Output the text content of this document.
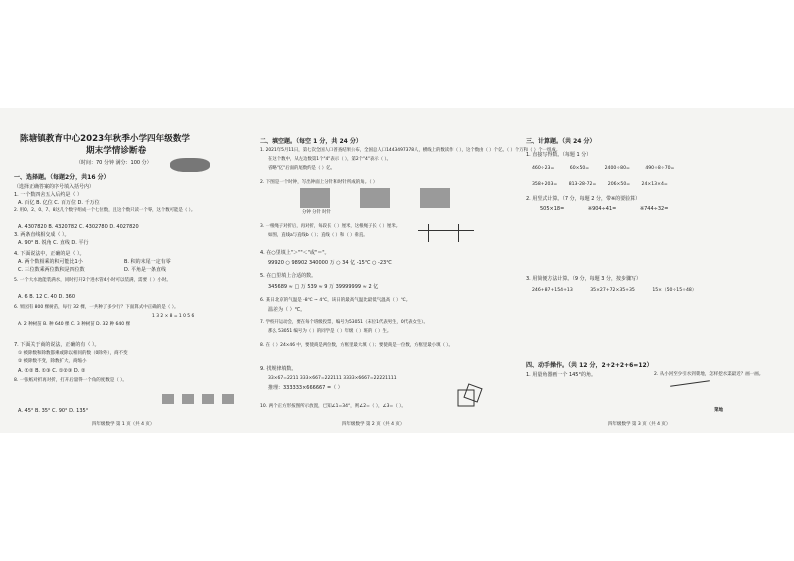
陈塘镇教育中心2023年秋季小学四年级数学
期末学情诊断卷
（时间：70 分钟 满分：100 分）
一、选择题。（每题2分，共16 分）
（选择正确答案的序号填入括号内）
1. 一个数四舍五入后约是（ ）
A. 百亿 B. 亿位 C. 百万位 D. 千万位
2. 用0、2、0、7、8这几个数字组成一个七位数，且这个数只读一个零，这个数可能是（ ）。
A. 4307820 B. 4320782 C. 4302780 D. 4027820
3. 两条直线相交成（ ）。
A. 90° B. 锐角 C. 直线 D. 平行
4. 下面说法中，正确的是（ ）。
A. 两个数相乘的积可能比1小	B. 积的末尾一定有零
C. 三位数乘两位数积是四位数	D. 平角是一条直线
5. 一个大水池能装满水，同时打开2个进水管4小时可以装满，需要（ ）小时。
A. 6 B. 12 C. 40 D. 360
6. 果园有 800 棵树苗，每行 32 棵，一共种了多少行？下面算式中正确的是（ ）。
1 3 2 × 8 = 1 0 5 6
A. 2 种树苗 B. 种 640 棵 C. 3 种树苗 D. 32 种 640 棵
7. 下面关于商的说法，正确的有（ ）。
① 被除数和除数都乘或除以相同的数（0除外），商不变
② 被除数不变，除数扩大，商缩小
A. ①② B. ①③ C. ①②③ D. ②
8. 一张纸对折再对折，打开后量得一个角的度数是（ ）。
A. 45° B. 35° C. 90° D. 135°
四年级数学 第 1 页（共 4 页）
二、填空题。（每空 1 分，共 24 分）
1. 2021年5月11日，第七次全国人口普查结果公布，全国总人口1443497378人，横线上的数读作（ ），这个数由（ ）个亿、（ ）个万和（ ）个一组成。
在这个数中，从左边数第1个"4"表示（ ），第2个"4"表示（ ）。
省略"亿"后面的尾数约是（ ）亿。
2. 下图是一个时钟，写出钟面上分针和时针所成的角。（ ）
分钟 分针 时针
3. 一根绳子对折后，再对折，每段长（ ）厘米，这根绳子长（ ）厘米。
如图，直线a与直线b（ ）；直线（ ）和（ ）垂直。
4. 在○里填上"＞""＜"或"＝"。
99920 ○ 98902 340000 万 ○ 34 亿 -15℃ ○ -23℃
5. 在□里填上合适的数。
345689 ≈ □ 万 539 ≈ 9 万 39999999 ≈ 2 亿
6. 某日北京的气温是 -8℃ ~ 4℃，该日的最高气温比最低气温高（ ）℃。
温差为（ ）℃。
7. 学校开运动会，要在每个班级投票，编号为53051（末位1代表男生，0代表女生）。
那么 53051 编号为（ ）的同学是（ ）年级（ ）班的（ ）生。
8. 在（ ）24×46 中，要使商是两位数，方框里最大填（ ）；要使商是一位数，方框里最小填（ ）。
9. 找规律填数。
33×67=2211 333×667=222111 3333×6667=22221111
推理：333333×666667 =（ ）
10. 两个正方形按图所示放置，已知∠1=34°，则∠2=（ ），∠3=（ ）。
四年级数学 第 2 页（共 4 页）
三、计算题。（共 24 分）
1. 直接写得数。（每题 1 分）
460÷23= 60×50= 2400÷80= 490÷8÷70=
358+203= 813-28-72= 206×50= 24×13×4=
2. 用竖式计算。（7 分，每题 2 分，带※的要验算）
505×18= ※904÷41= ※744÷32=
3. 用简便方法计算。（9 分，每题 3 分，按步骤写）
246+87+154+13 35×27+72×35+35 15×（50÷15÷48）
四、动手操作。（共 12 分，2+2+2+6=12）
1. 用量角器画一个 145°的角。	2. 从小河至少引水到菜地，怎样挖水渠最近？画一画。
菜地
四年级数学 第 3 页（共 4 页）
